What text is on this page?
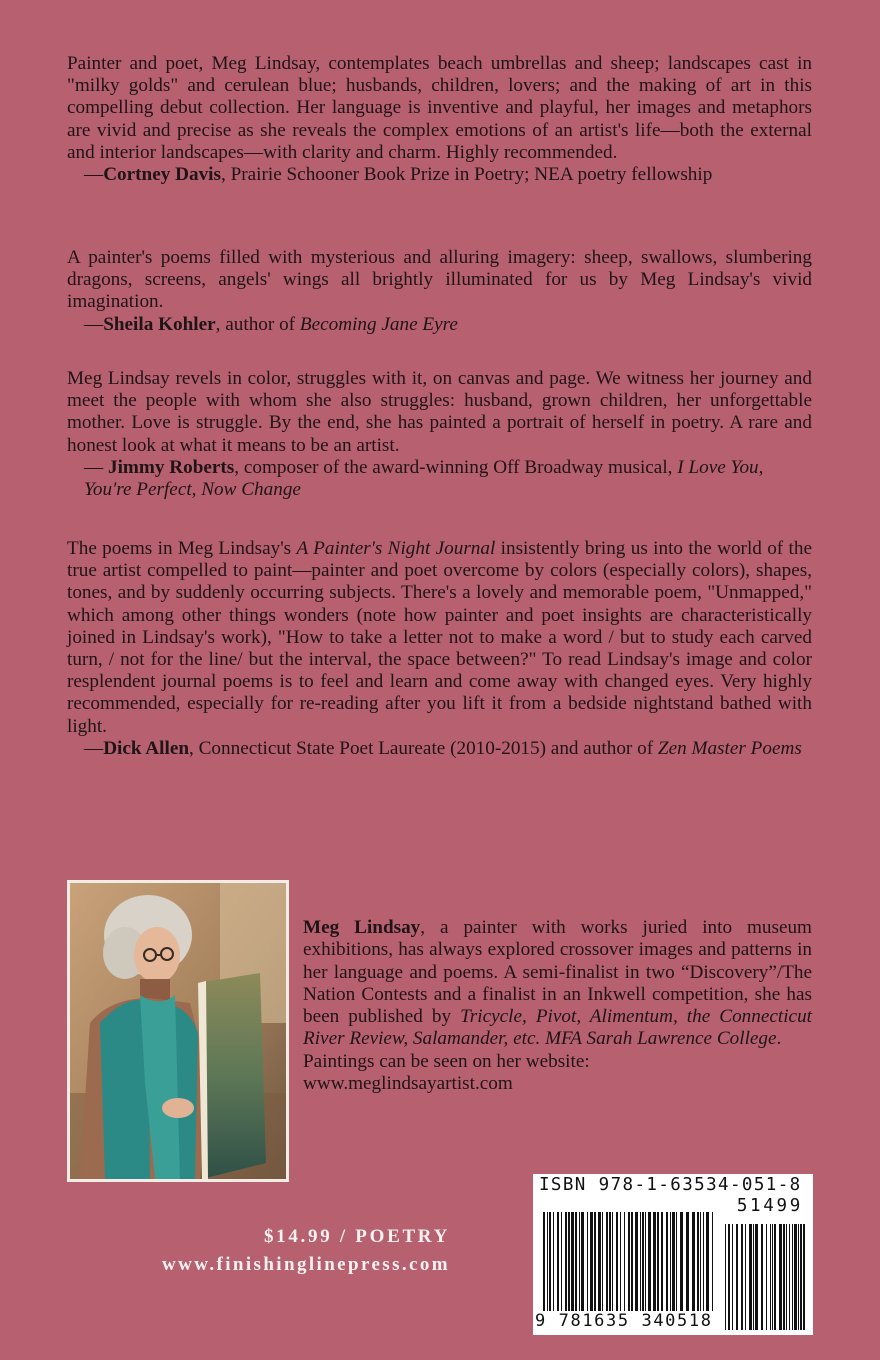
Painter and poet, Meg Lindsay, contemplates beach umbrellas and sheep; landscapes cast in "milky golds" and cerulean blue; husbands, children, lovers; and the making of art in this compelling debut collection. Her language is inventive and playful, her images and metaphors are vivid and precise as she reveals the complex emotions of an artist's life—both the external and interior landscapes—with clarity and charm. Highly recommended.
—Cortney Davis, Prairie Schooner Book Prize in Poetry; NEA poetry fellowship

A painter's poems filled with mysterious and alluring imagery: sheep, swallows, slumbering dragons, screens, angels' wings all brightly illuminated for us by Meg Lindsay's vivid imagination.
—Sheila Kohler, author of Becoming Jane Eyre

Meg Lindsay revels in color, struggles with it, on canvas and page. We witness her journey and meet the people with whom she also struggles: husband, grown children, her unforgettable mother. Love is struggle. By the end, she has painted a portrait of herself in poetry. A rare and honest look at what it means to be an artist.
— Jimmy Roberts, composer of the award-winning Off Broadway musical, I Love You, You're Perfect, Now Change

The poems in Meg Lindsay's A Painter's Night Journal insistently bring us into the world of the true artist compelled to paint—painter and poet overcome by colors (especially colors), shapes, tones, and by suddenly occurring subjects. There's a lovely and memorable poem, "Unmapped," which among other things wonders (note how painter and poet insights are characteristically joined in Lindsay's work), "How to take a letter not to make a word / but to study each carved turn, / not for the line/ but the interval, the space between?" To read Lindsay's image and color resplendent journal poems is to feel and learn and come away with changed eyes. Very highly recommended, especially for re-reading after you lift it from a bedside nightstand bathed with light.
—Dick Allen, Connecticut State Poet Laureate (2010-2015) and author of Zen Master Poems

Meg Lindsay, a painter with works juried into museum exhibitions, has always explored crossover images and patterns in her language and poems. A semi-finalist in two “Discovery”/The Nation Contests and a finalist in an Inkwell competition, she has been published by Tricycle, Pivot, Alimentum, the Connecticut River Review, Salamander, etc. MFA Sarah Lawrence College.
Paintings can be seen on her website:
www.meglindsayartist.com

$14.99 / POETRY
www.finishinglinepress.com
ISBN 978-1-63534-051-8
51499
9 781635 340518
